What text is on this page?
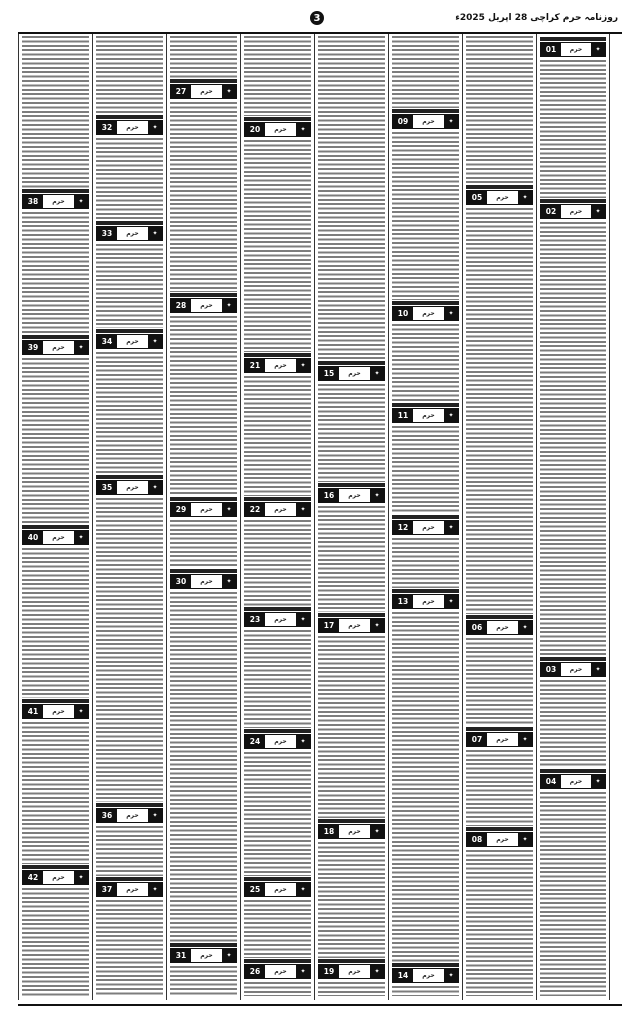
3	روزنامہ
حرم
کراچی
28 اپریل 2025ء
38	حرم	✦
39	حرم	✦
40	حرم	✦
41	حرم	✦
42	حرم	✦
32	حرم	✦
33	حرم	✦
34	حرم	✦
35	حرم	✦
36	حرم	✦
37	حرم	✦
27	حرم	✦
28	حرم	✦
29	حرم	✦
30	حرم	✦
31	حرم	✦
20	حرم	✦
21	حرم	✦
22	حرم	✦
23	حرم	✦
24	حرم	✦
25	حرم	✦
26	حرم	✦
15	حرم	✦
16	حرم	✦
17	حرم	✦
18	حرم	✦
19	حرم	✦
09	حرم	✦
10	حرم	✦
11	حرم	✦
12	حرم	✦
13	حرم	✦
14	حرم	✦
05	حرم	✦
06	حرم	✦
07	حرم	✦
08	حرم	✦
01	حرم	✦
02	حرم	✦
03	حرم	✦
04	حرم	✦
